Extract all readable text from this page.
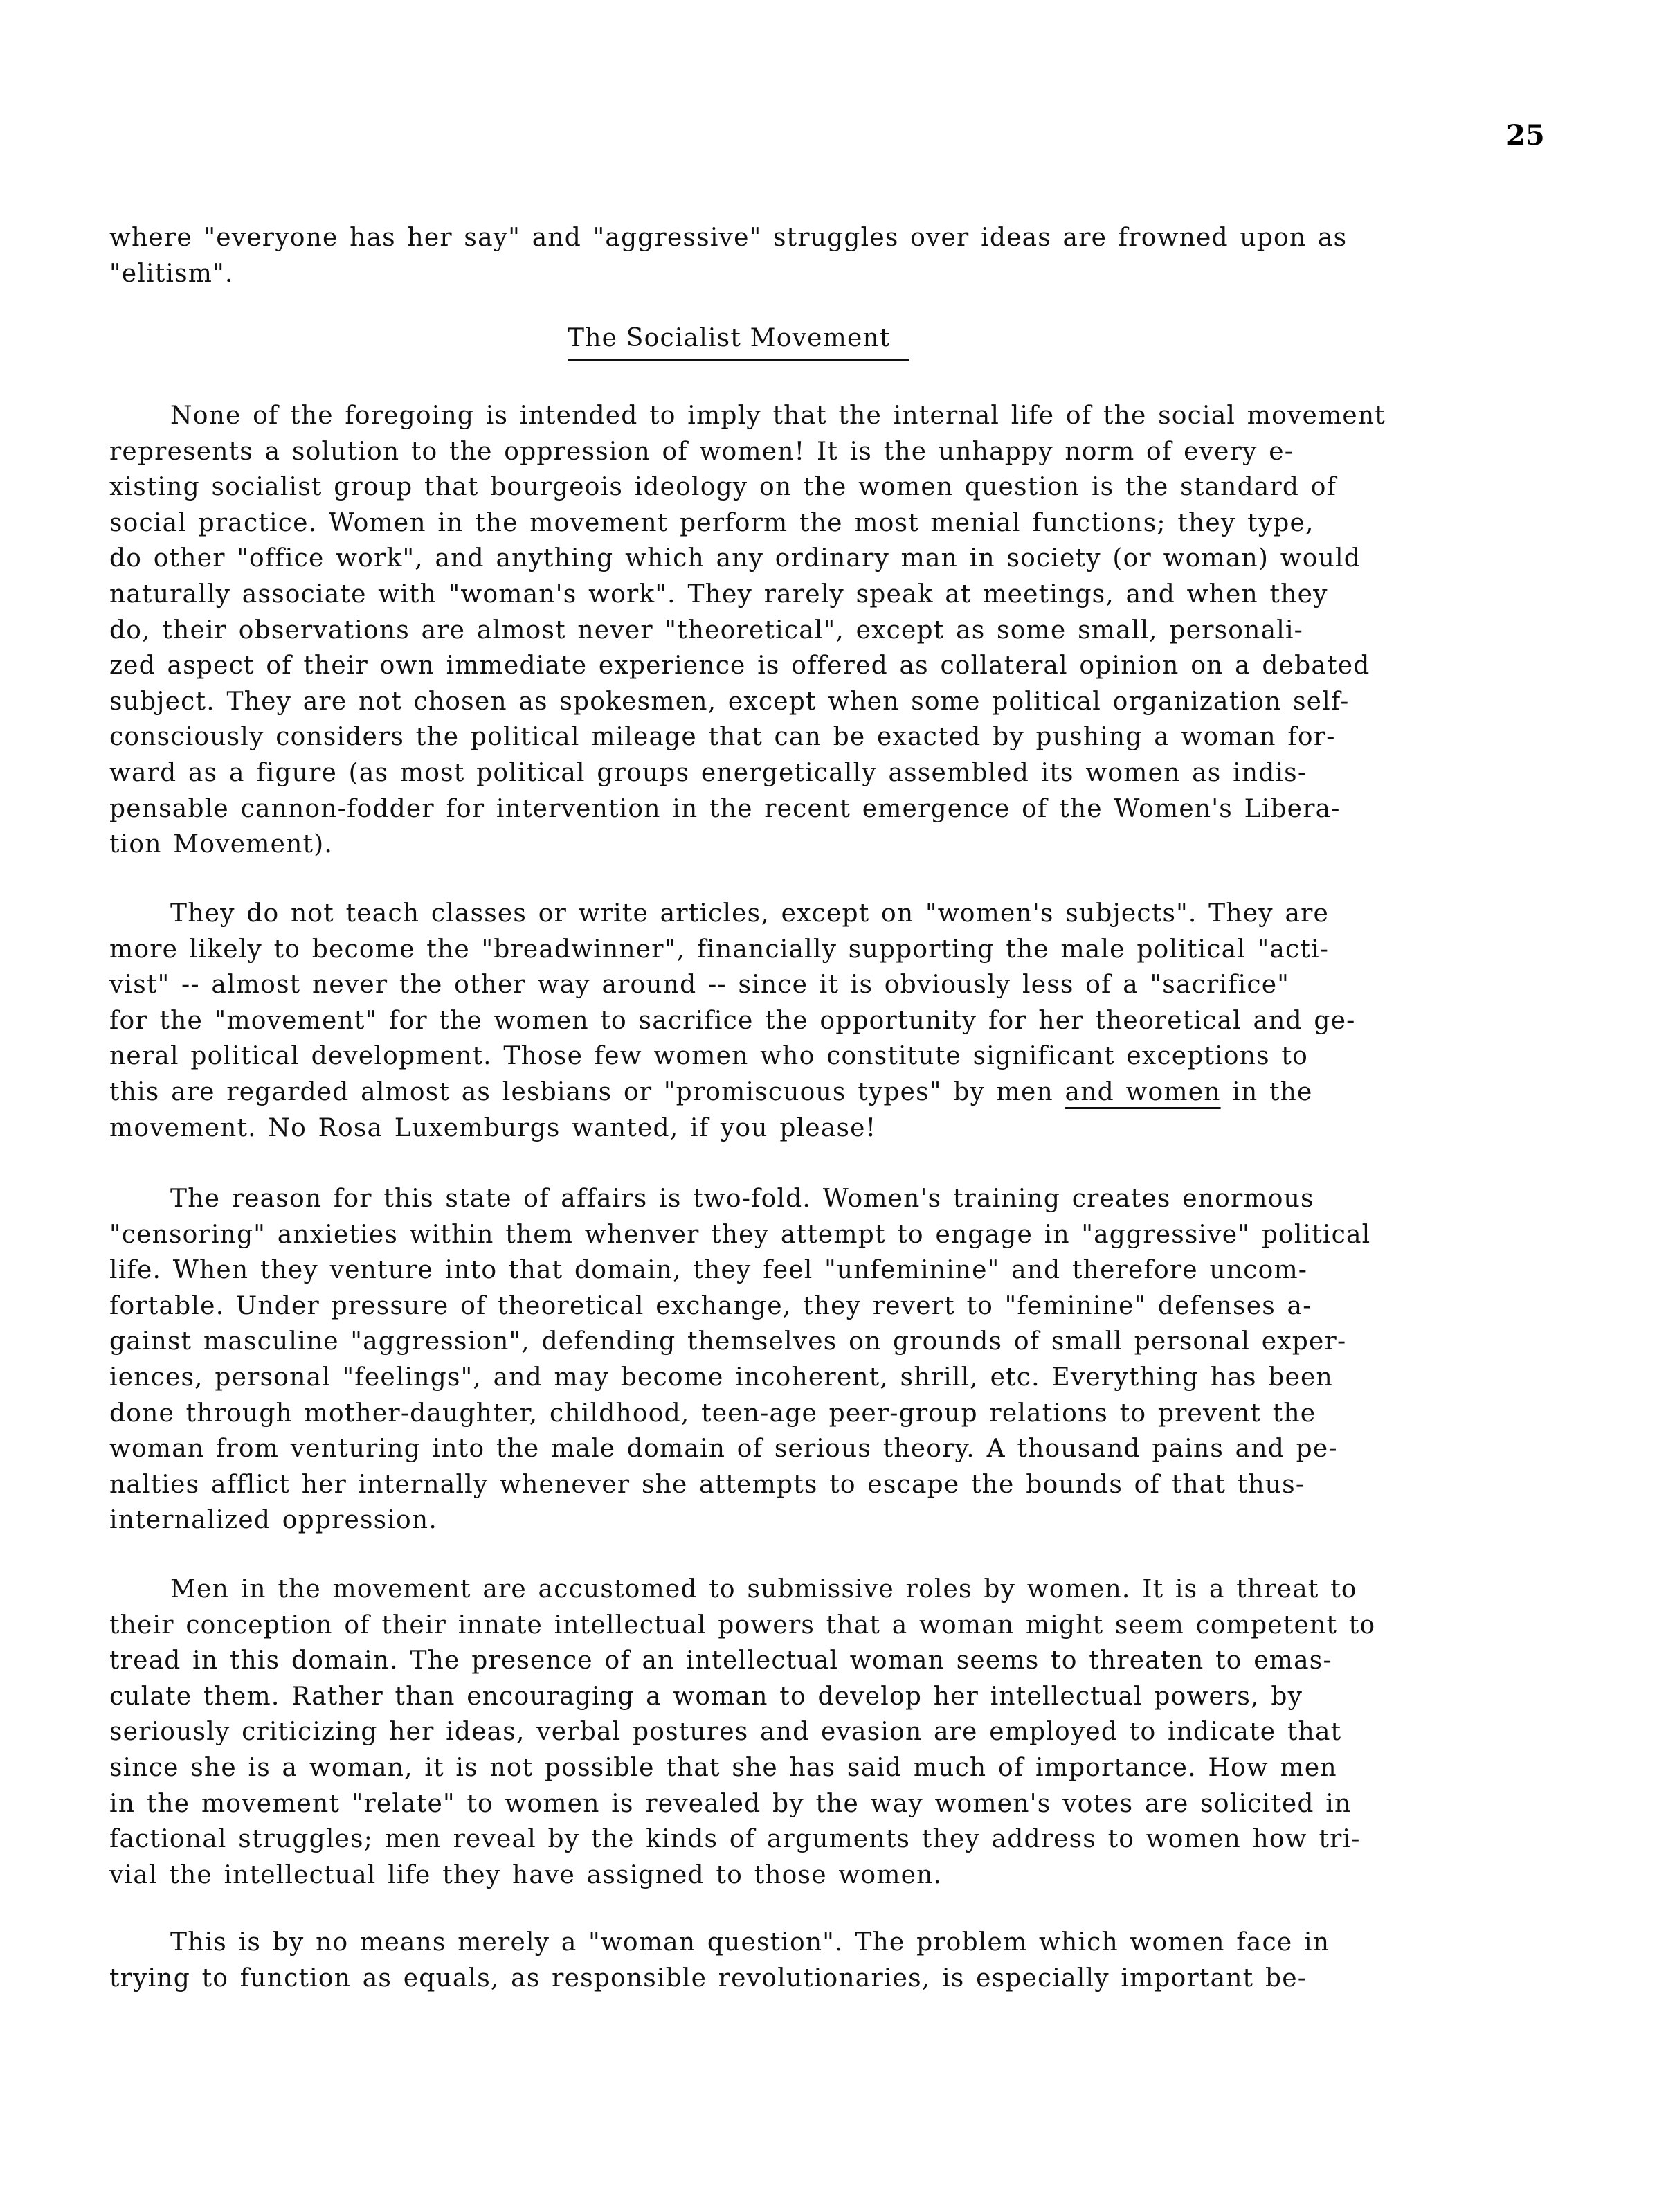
25
where "everyone has her say" and "aggressive" struggles over ideas are frowned upon as
"elitism".
The Socialist Movement
None of the foregoing is intended to imply that the internal life of the social movement
represents a solution to the oppression of women! It is the unhappy norm of every e-
xisting socialist group that bourgeois ideology on the women question is the standard of
social practice. Women in the movement perform the most menial functions; they type,
do other "office work", and anything which any ordinary man in society (or woman) would
naturally associate with "woman's work". They rarely speak at meetings, and when they
do, their observations are almost never "theoretical", except as some small, personali-
zed aspect of their own immediate experience is offered as collateral opinion on a debated
subject. They are not chosen as spokesmen, except when some political organization self-
consciously considers the political mileage that can be exacted by pushing a woman for-
ward as a figure (as most political groups energetically assembled its women as indis-
pensable cannon-fodder for intervention in the recent emergence of the Women's Libera-
tion Movement).
They do not teach classes or write articles, except on "women's subjects". They are
more likely to become the "breadwinner", financially supporting the male political "acti-
vist" -- almost never the other way around -- since it is obviously less of a "sacrifice"
for the "movement" for the women to sacrifice the opportunity for her theoretical and ge-
neral political development. Those few women who constitute significant exceptions to
this are regarded almost as lesbians or "promiscuous types" by men and women in the
movement. No Rosa Luxemburgs wanted, if you please!
The reason for this state of affairs is two-fold. Women's training creates enormous
"censoring" anxieties within them whenver they attempt to engage in "aggressive" political
life. When they venture into that domain, they feel "unfeminine" and therefore uncom-
fortable. Under pressure of theoretical exchange, they revert to "feminine" defenses a-
gainst masculine "aggression", defending themselves on grounds of small personal exper-
iences, personal "feelings", and may become incoherent, shrill, etc. Everything has been
done through mother-daughter, childhood, teen-age peer-group relations to prevent the
woman from venturing into the male domain of serious theory. A thousand pains and pe-
nalties afflict her internally whenever she attempts to escape the bounds of that thus-
internalized oppression.
Men in the movement are accustomed to submissive roles by women. It is a threat to
their conception of their innate intellectual powers that a woman might seem competent to
tread in this domain. The presence of an intellectual woman seems to threaten to emas-
culate them. Rather than encouraging a woman to develop her intellectual powers, by
seriously criticizing her ideas, verbal postures and evasion are employed to indicate that
since she is a woman, it is not possible that she has said much of importance. How men
in the movement "relate" to women is revealed by the way women's votes are solicited in
factional struggles; men reveal by the kinds of arguments they address to women how tri-
vial the intellectual life they have assigned to those women.
This is by no means merely a "woman question". The problem which women face in
trying to function as equals, as responsible revolutionaries, is especially important be-
